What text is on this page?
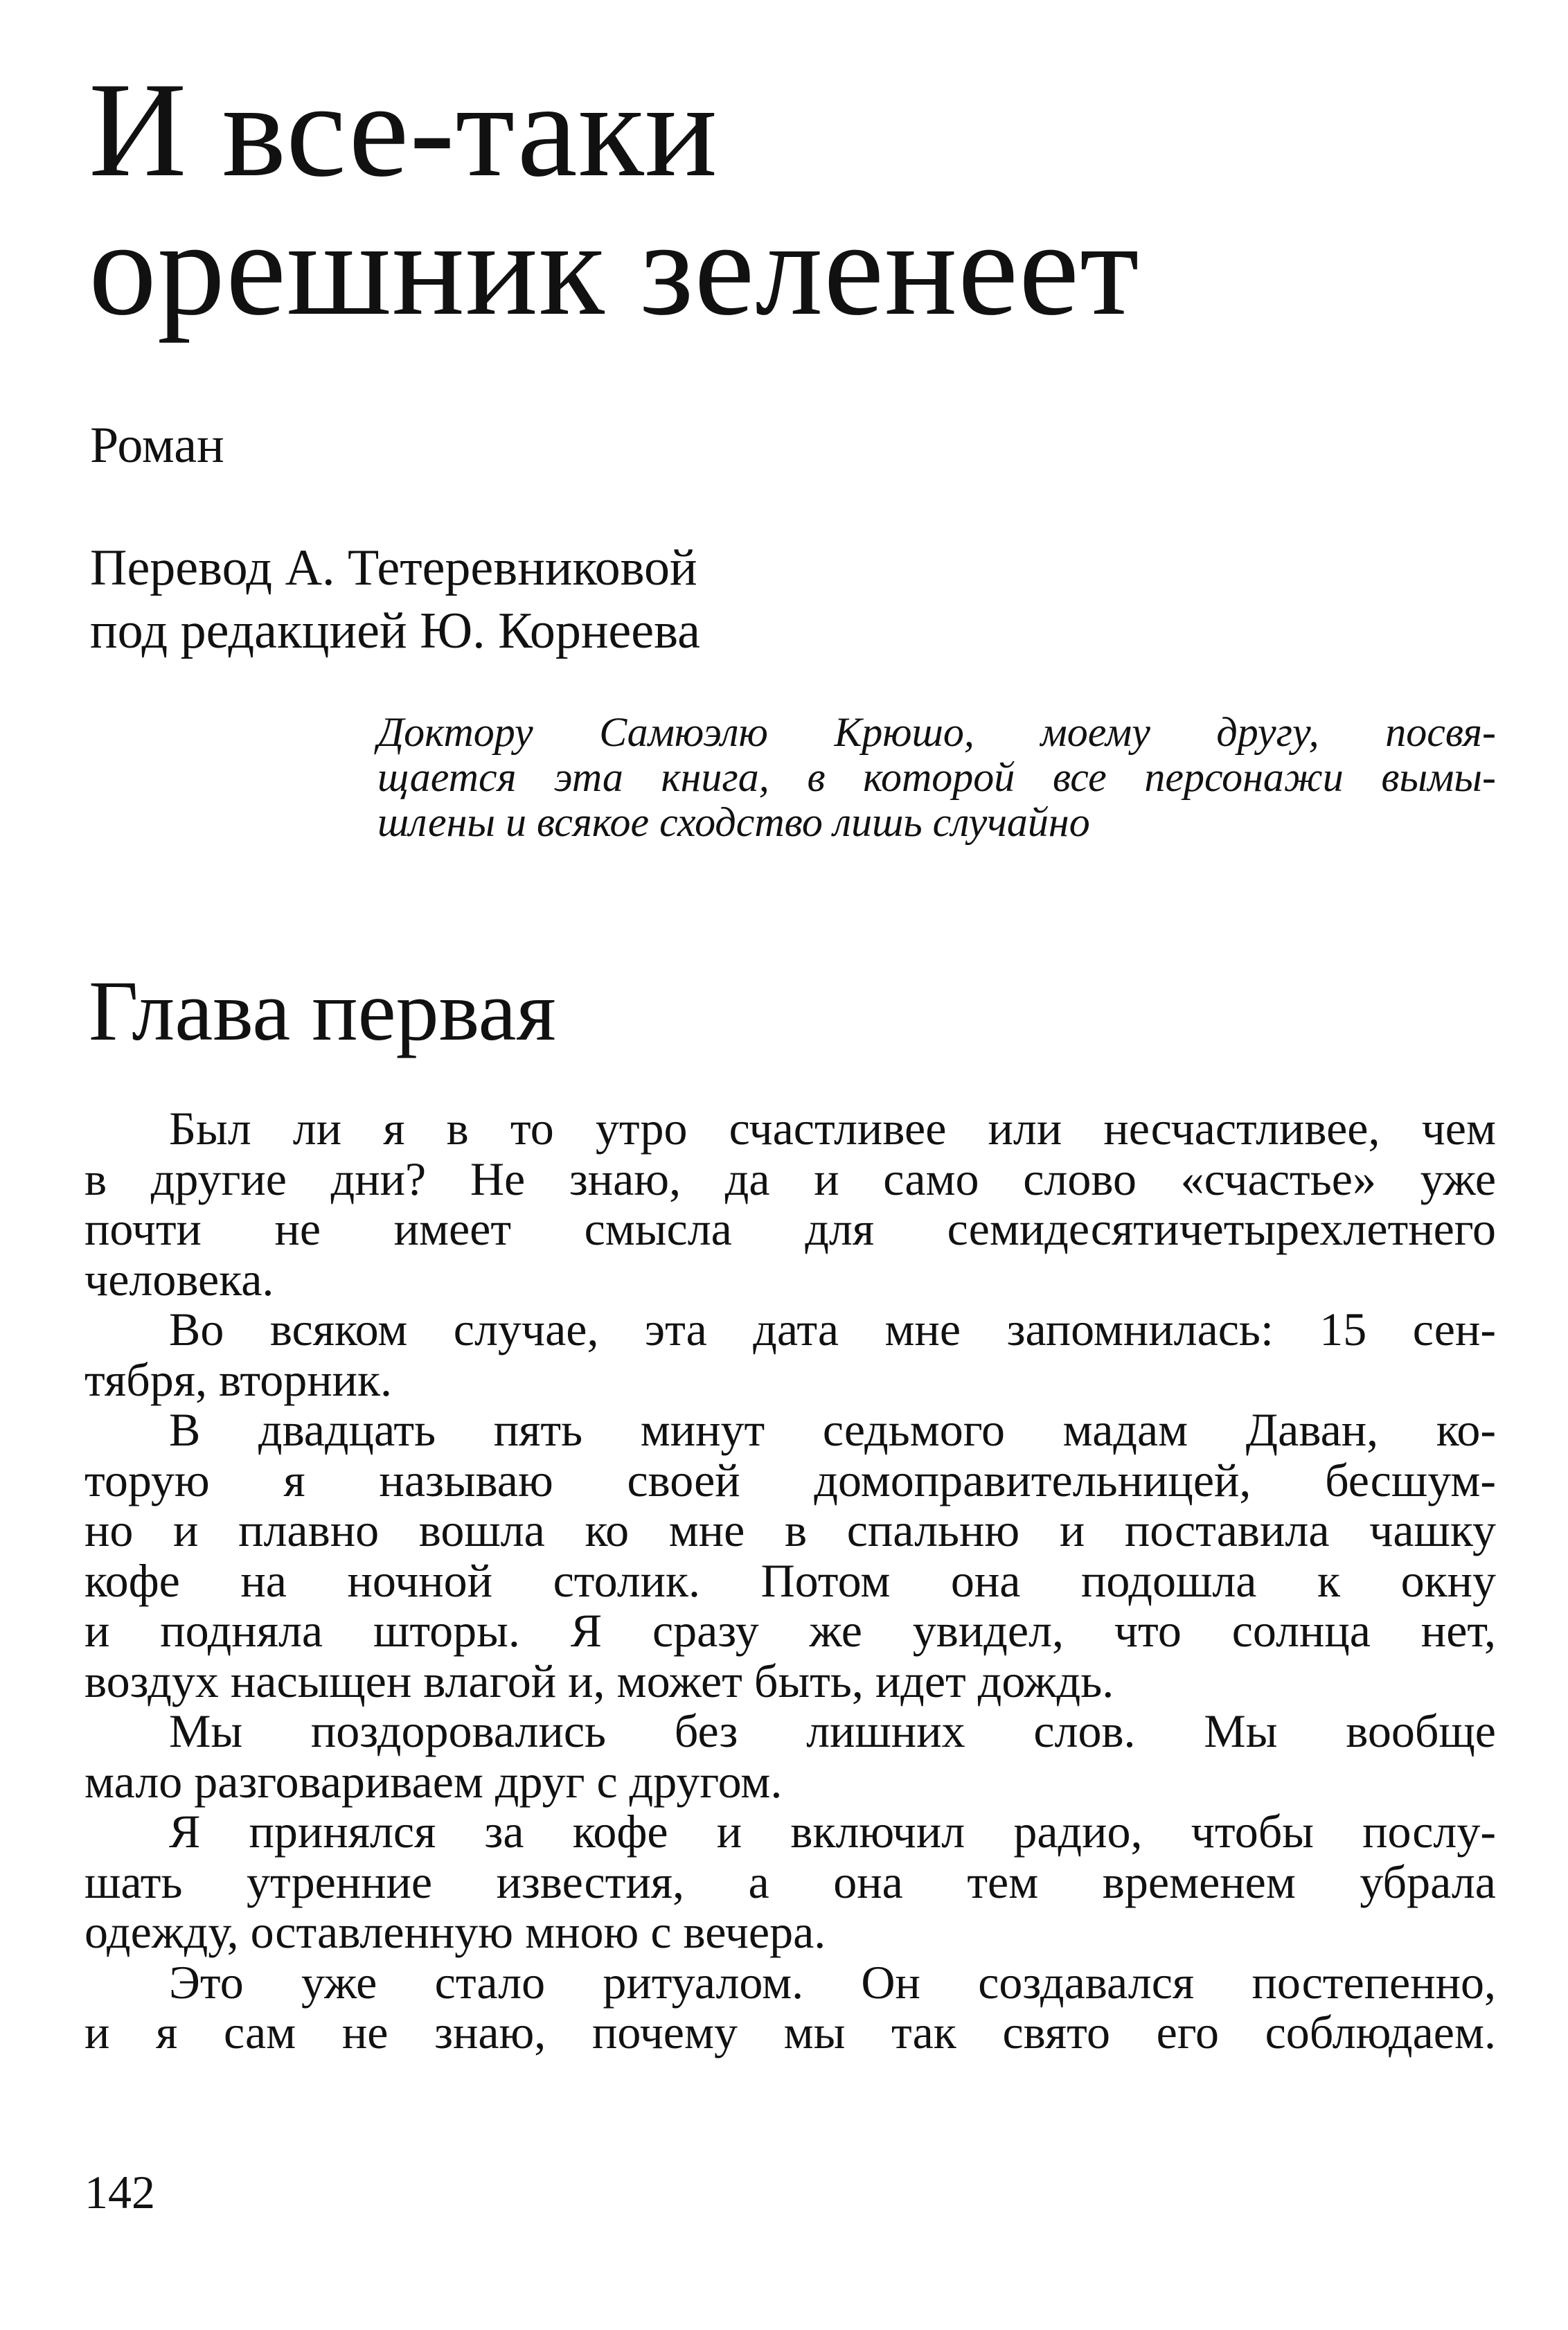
И все-таки
орешник зеленеет
Роман
Перевод А. Тетеревниковой
под редакцией Ю. Корнеева
Доктору Самюэлю Крюшо, моему другу, посвя-
щается эта книга, в которой все персонажи вымы-
шлены и всякое сходство лишь случайно
Глава первая
Был ли я в то утро счастливее или несчастливее, чем
в другие дни? Не знаю, да и само слово «счастье» уже
почти не имеет смысла для семидесятичетырехлетнего
человека.
Во всяком случае, эта дата мне запомнилась: 15 сен-
тября, вторник.
В двадцать пять минут седьмого мадам Даван, ко-
торую я называю своей домоправительницей, бесшум-
но и плавно вошла ко мне в спальню и поставила чашку
кофе на ночной столик. Потом она подошла к окну
и подняла шторы. Я сразу же увидел, что солнца нет,
воздух насыщен влагой и, может быть, идет дождь.
Мы поздоровались без лишних слов. Мы вообще
мало разговариваем друг с другом.
Я принялся за кофе и включил радио, чтобы послу-
шать утренние известия, а она тем временем убрала
одежду, оставленную мною с вечера.
Это уже стало ритуалом. Он создавался постепенно,
и я сам не знаю, почему мы так свято его соблюдаем.
142
